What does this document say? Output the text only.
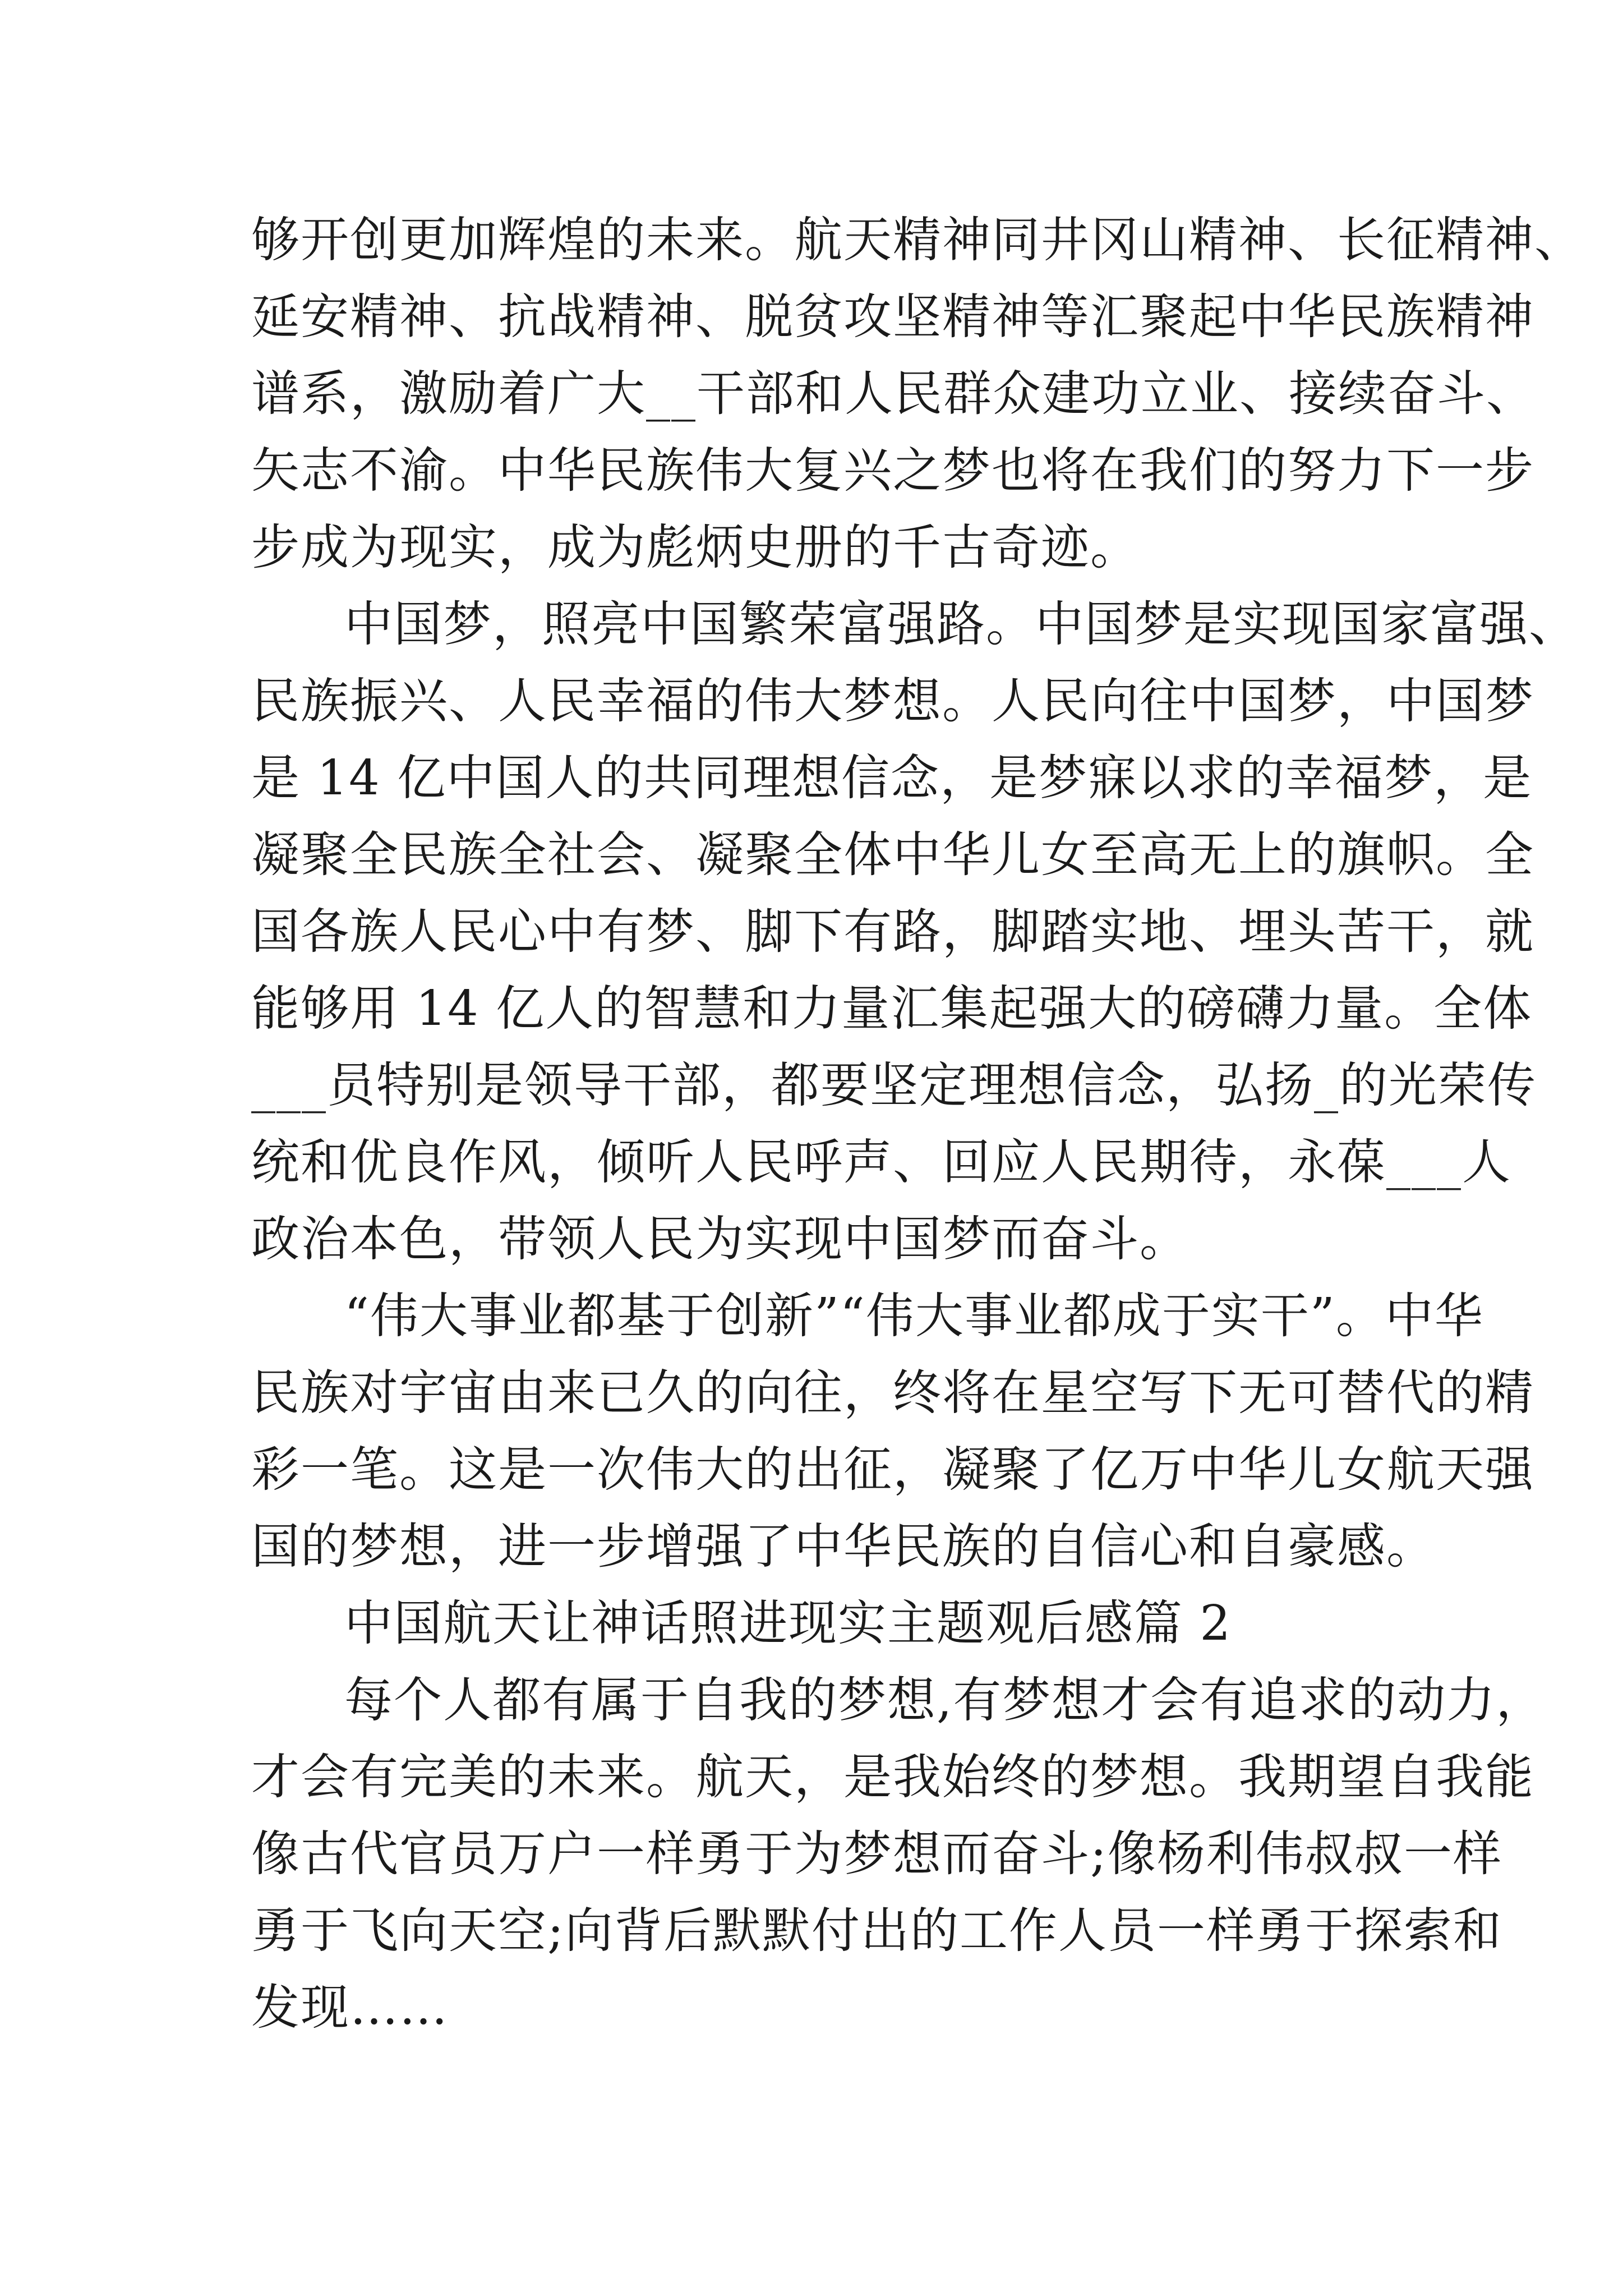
够开创更加辉煌的未来。航天精神同井冈山精神、长征精神、
延安精神、抗战精神、脱贫攻坚精神等汇聚起中华民族精神
谱系，激励着广大__干部和人民群众建功立业、接续奋斗、
矢志不渝。中华民族伟大复兴之梦也将在我们的努力下一步
步成为现实，成为彪炳史册的千古奇迹。
中国梦，照亮中国繁荣富强路。中国梦是实现国家富强、
民族振兴、人民幸福的伟大梦想。人民向往中国梦，中国梦
是 14 亿中国人的共同理想信念，是梦寐以求的幸福梦，是
凝聚全民族全社会、凝聚全体中华儿女至高无上的旗帜。全
国各族人民心中有梦、脚下有路，脚踏实地、埋头苦干，就
能够用 14 亿人的智慧和力量汇集起强大的磅礴力量。全体
___员特别是领导干部，都要坚定理想信念，弘扬_的光荣传
统和优良作风，倾听人民呼声、回应人民期待，永葆___人
政治本色，带领人民为实现中国梦而奋斗。
“伟大事业都基于创新”“伟大事业都成于实干”。中华
民族对宇宙由来已久的向往，终将在星空写下无可替代的精
彩一笔。这是一次伟大的出征，凝聚了亿万中华儿女航天强
国的梦想，进一步增强了中华民族的自信心和自豪感。
中国航天让神话照进现实主题观后感篇 2
每个人都有属于自我的梦想,有梦想才会有追求的动力，
才会有完美的未来。航天，是我始终的梦想。我期望自我能
像古代官员万户一样勇于为梦想而奋斗;像杨利伟叔叔一样
勇于飞向天空;向背后默默付出的工作人员一样勇于探索和
发现……
